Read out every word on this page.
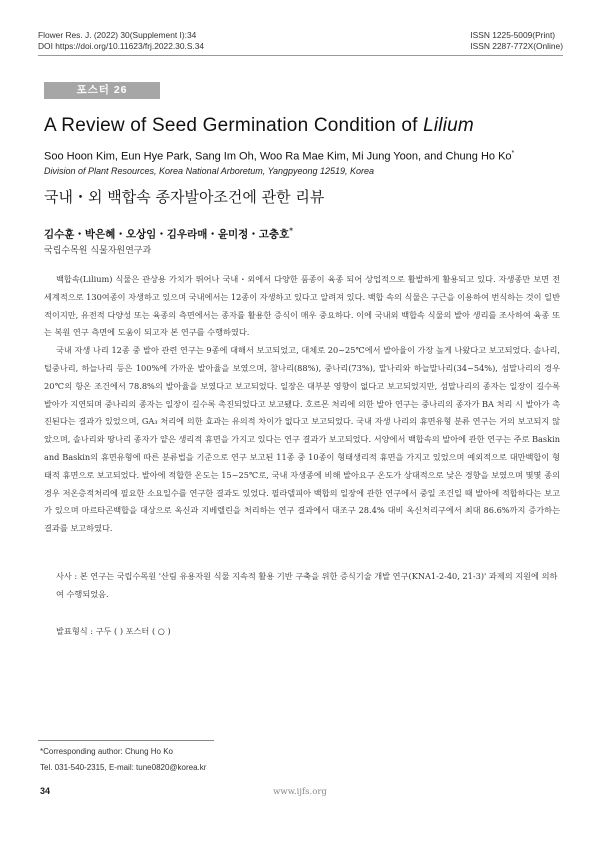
Flower Res. J. (2022) 30(Supplement I):34
DOI https://doi.org/10.11623/frj.2022.30.S.34
ISSN 1225-5009(Print)
ISSN 2287-772X(Online)
포스터 26
A Review of Seed Germination Condition of Lilium
Soo Hoon Kim, Eun Hye Park, Sang Im Oh, Woo Ra Mae Kim, Mi Jung Yoon, and Chung Ho Ko*
Division of Plant Resources, Korea National Arboretum, Yangpyeong 12519, Korea
국내・외 백합속 종자발아조건에 관한 리뷰
김수훈・박은혜・오상임・김우라매・윤미정・고충호*
국립수목원 식물자원연구과

백합속(Lilium) 식물은 관상용 가치가 뛰어나 국내・외에서 다양한 품종이 육종 되어 상업적으로 활발하게 활용되고 있다. 자생종만 보면 전 세계적으로 130여종이 자생하고 있으며 국내에서는 12종이 자생하고 있다고 알려져 있다. 백합 속의 식물은 구근을 이용하여 번식하는 것이 일반적이지만, 유전적 다양성 또는 육종의 측면에서는 종자를 활용한 증식이 매우 중요하다. 이에 국내외 백합속 식물의 발아 생리를 조사하여 육종 또는 복원 연구 측면에 도움이 되고자 본 연구를 수행하였다.

국내 자생 나리 12종 중 발아 관련 연구는 9종에 대해서 보고되었고, 대체로 20~25℃에서 발아율이 가장 높게 나왔다고 보고되었다. 솔나리, 털중나리, 하늘나리 등은 100%에 가까운 발아율을 보였으며, 참나리(88%), 중나리(73%), 말나리와 하늘말나리(34~54%), 섬말나리의 경우 20℃의 항온 조건에서 78.8%의 발아율을 보였다고 보고되었다. 일장은 대부분 영향이 없다고 보고되었지만, 섬말나리의 종자는 일장이 길수록 발아가 지연되며 중나리의 종자는 일장이 길수록 촉진되었다고 보고됐다. 호르몬 처리에 의한 발아 연구는 중나리의 종자가 BA 처리 시 발아가 촉진된다는 결과가 있었으며, GA₃ 처리에 의한 효과는 유의적 차이가 없다고 보고되었다. 국내 자생 나리의 휴면유형 분류 연구는 거의 보고되지 않았으며, 솔나리와 땅나리 종자가 얕은 생리적 휴면을 가지고 있다는 연구 결과가 보고되었다. 서양에서 백합속의 발아에 관한 연구는 주로 Baskin and Baskin의 휴면유형에 따른 분류법을 기준으로 연구 보고된 11종 중 10종이 형태생리적 휴면을 가지고 있었으며 예외적으로 대만백합이 형태적 휴면으로 보고되었다. 발아에 적합한 온도는 15~25℃로, 국내 자생종에 비해 발아요구 온도가 상대적으로 낮은 경향을 보였으며 몇몇 종의 경우 저온층적처리에 필요한 소요일수를 연구한 결과도 있었다. 필라델피아 백합의 일장에 관한 연구에서 중일 조건일 때 발아에 적합하다는 보고가 있으며 마르타곤백합을 대상으로 옥신과 지베렐린을 처리하는 연구 결과에서 대조구 28.4% 대비 옥신처리구에서 최대 86.6%까지 증가하는 결과를 보고하였다.

사사 : 본 연구는 국립수목원 '산림 유용자원 식물 지속적 활용 기반 구축을 위한 증식기술 개발 연구(KNA1-2-40, 21-3)' 과제의 지원에 의하여 수행되었음.

발표형식 : 구두 ( ) 포스터 ( ○ )
*Corresponding author: Chung Ho Ko
Tel. 031-540-2315, E-mail: tune0820@korea.kr
34	www.ijfs.org
